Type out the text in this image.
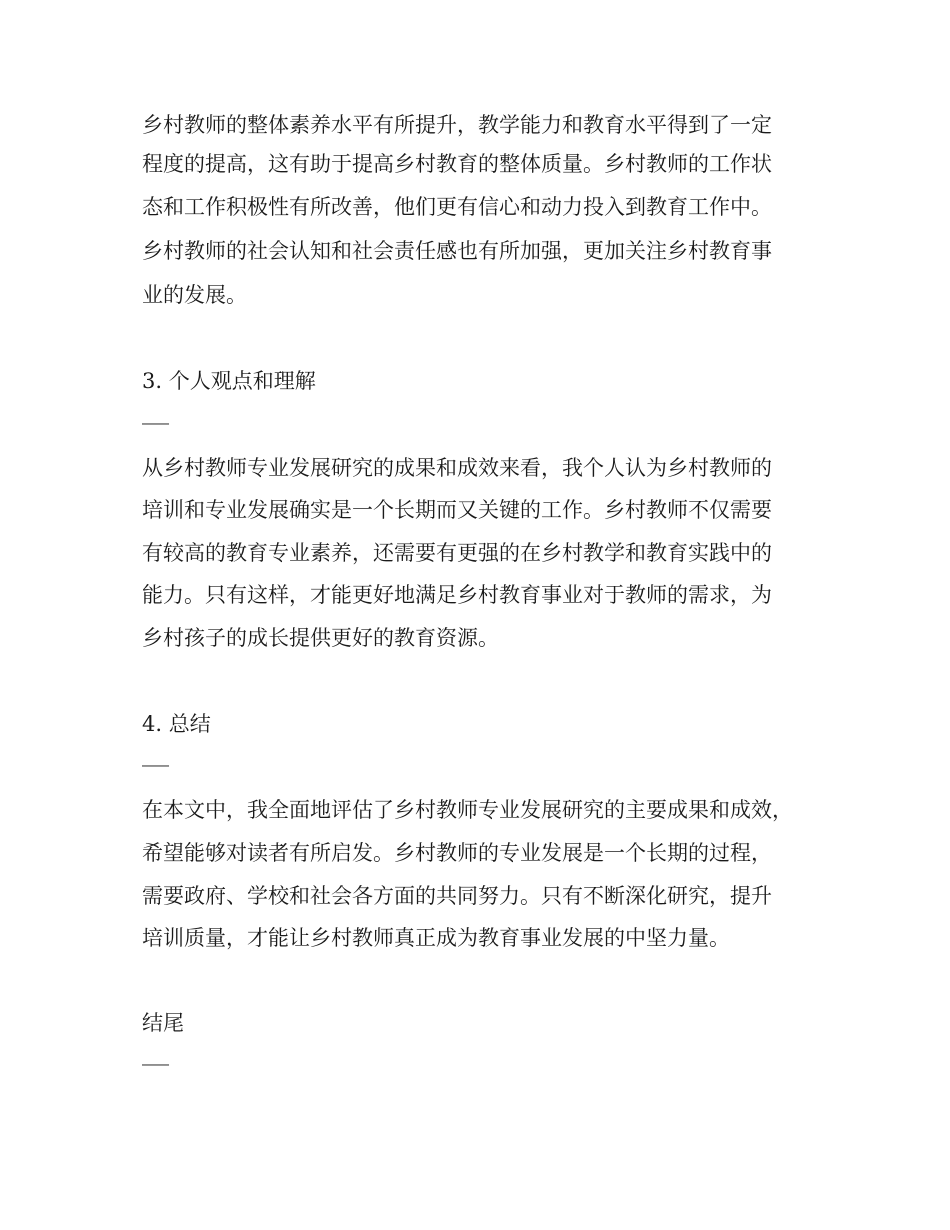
乡村教师的整体素养水平有所提升，教学能力和教育水平得到了一定
程度的提高，这有助于提高乡村教育的整体质量。乡村教师的工作状
态和工作积极性有所改善，他们更有信心和动力投入到教育工作中。
乡村教师的社会认知和社会责任感也有所加强，更加关注乡村教育事
业的发展。
3. 个人观点和理解
———
从乡村教师专业发展研究的成果和成效来看，我个人认为乡村教师的
培训和专业发展确实是一个长期而又关键的工作。乡村教师不仅需要
有较高的教育专业素养，还需要有更强的在乡村教学和教育实践中的
能力。只有这样，才能更好地满足乡村教育事业对于教师的需求，为
乡村孩子的成长提供更好的教育资源。
4. 总结
———
在本文中，我全面地评估了乡村教师专业发展研究的主要成果和成效，
希望能够对读者有所启发。乡村教师的专业发展是一个长期的过程，
需要政府、学校和社会各方面的共同努力。只有不断深化研究，提升
培训质量，才能让乡村教师真正成为教育事业发展的中坚力量。
结尾
———
